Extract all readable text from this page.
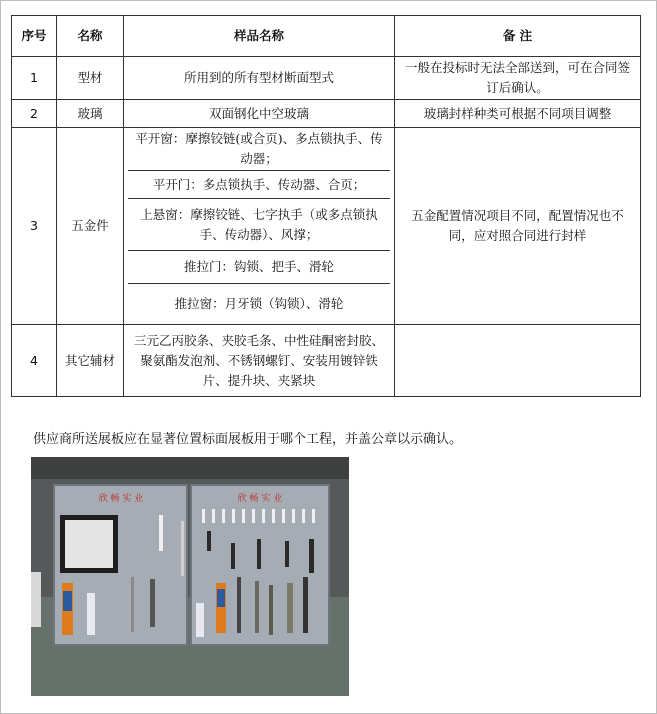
序号	名称	样品名称	备 注
1	型材	所用到的所有型材断面型式	一般在投标时无法全部送到，可在合同签订后确认。
2	玻璃	双面钢化中空玻璃	玻璃封样种类可根据不同项目调整
3	五金件	平开窗：摩擦铰链(或合页)、多点锁执手、传动器；
平开门：多点锁执手、传动器、合页；
上悬窗：摩擦铰链、七字执手（或多点锁执手、传动器）、风撑；
推拉门：钩锁、把手、滑轮
推拉窗：月牙锁（钩锁）、滑轮	五金配置情况项目不同，配置情况也不同，应对照合同进行封样
4	其它辅材	三元乙丙胶条、夹胶毛条、中性硅酮密封胶、聚氨酯发泡剂、不锈钢螺钉、安装用镀锌铁片、提升块、夹紧块	
供应商所送展板应在显著位置标面展板用于哪个工程，并盖公章以示确认。
欣 畅 实 业	欣 畅 实 业
